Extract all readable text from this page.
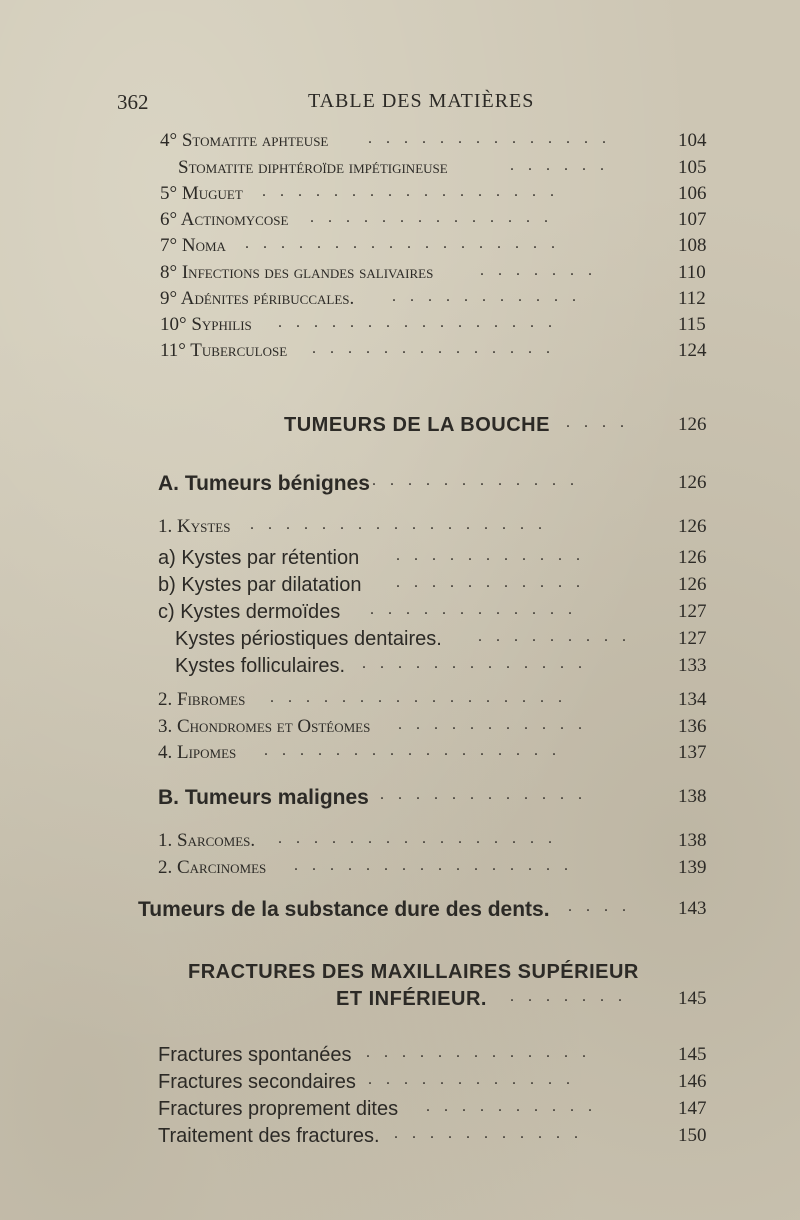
362	TABLE DES MATIÈRES
4° Stomatite aphteuse . . . . . . . . . . . . . .	104
Stomatite diphtéroïde impétigineuse	. . . . . .	105
5° Muguet . . . . . . . . . . . . . . . . .	106
6° Actinomycose . . . . . . . . . . . . . .	107
7° Noma . . . . . . . . . . . . . . . . . .	108
8° Infections des glandes salivaires	. . . . . . .	110
9° Adénites péribuccales. . . . . . . . . . . .	112
10° Syphilis . . . . . . . . . . . . . . . .	115
11° Tuberculose . . . . . . . . . . . . . .	124
TUMEURS DE LA BOUCHE . . . .	126
A. Tumeurs bénignes . . . . . . . . . . . .	126
1. Kystes . . . . . . . . . . . . . . . . .	126
a) Kystes par rétention . . . . . . . . . . .	126
b) Kystes par dilatation . . . . . . . . . . .	126
c) Kystes dermoïdes . . . . . . . . . . . .	127
Kystes périostiques dentaires. . . . . . . . . .	127
Kystes folliculaires. . . . . . . . . . . . . .	133
2. Fibromes . . . . . . . . . . . . . . . . .	134
3. Chondromes et Ostéomes . . . . . . . . . . .	136
4. Lipomes . . . . . . . . . . . . . . . . .	137
B. Tumeurs malignes . . . . . . . . . . . .	138
1. Sarcomes. . . . . . . . . . . . . . . . .	138
2. Carcinomes . . . . . . . . . . . . . . . .	139
Tumeurs de la substance dure des dents. . . . .	143
FRACTURES DES MAXILLAIRES SUPÉRIEUR
ET INFÉRIEUR. . . . . . . .	145
Fractures spontanées . . . . . . . . . . . . .	145
Fractures secondaires . . . . . . . . . . . .	146
Fractures proprement dites . . . . . . . . . .	147
Traitement des fractures. . . . . . . . . . . .	150
